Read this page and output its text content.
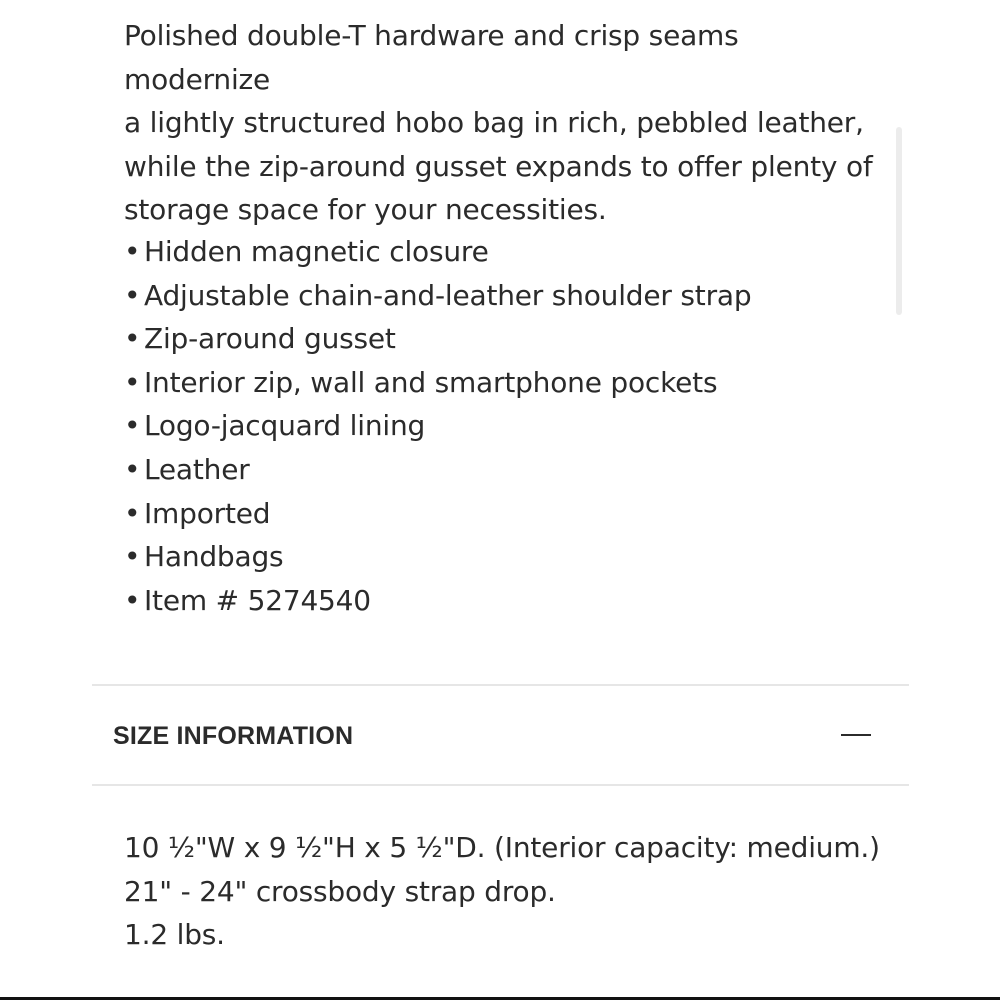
Polished double-T hardware and crisp seams modernize

a lightly structured hobo bag in rich, pebbled leather,

while the zip-around gusset expands to offer plenty of

storage space for your necessities.

• Hidden magnetic closure
• Adjustable chain-and-leather shoulder strap
• Zip-around gusset
• Interior zip, wall and smartphone pockets
• Logo-jacquard lining
• Leather
• Imported
• Handbags
• Item # 5274540
SIZE INFORMATION
10 ½"W x 9 ½"H x 5 ½"D. (Interior capacity: medium.)
21" - 24" crossbody strap drop.
1.2 lbs.
